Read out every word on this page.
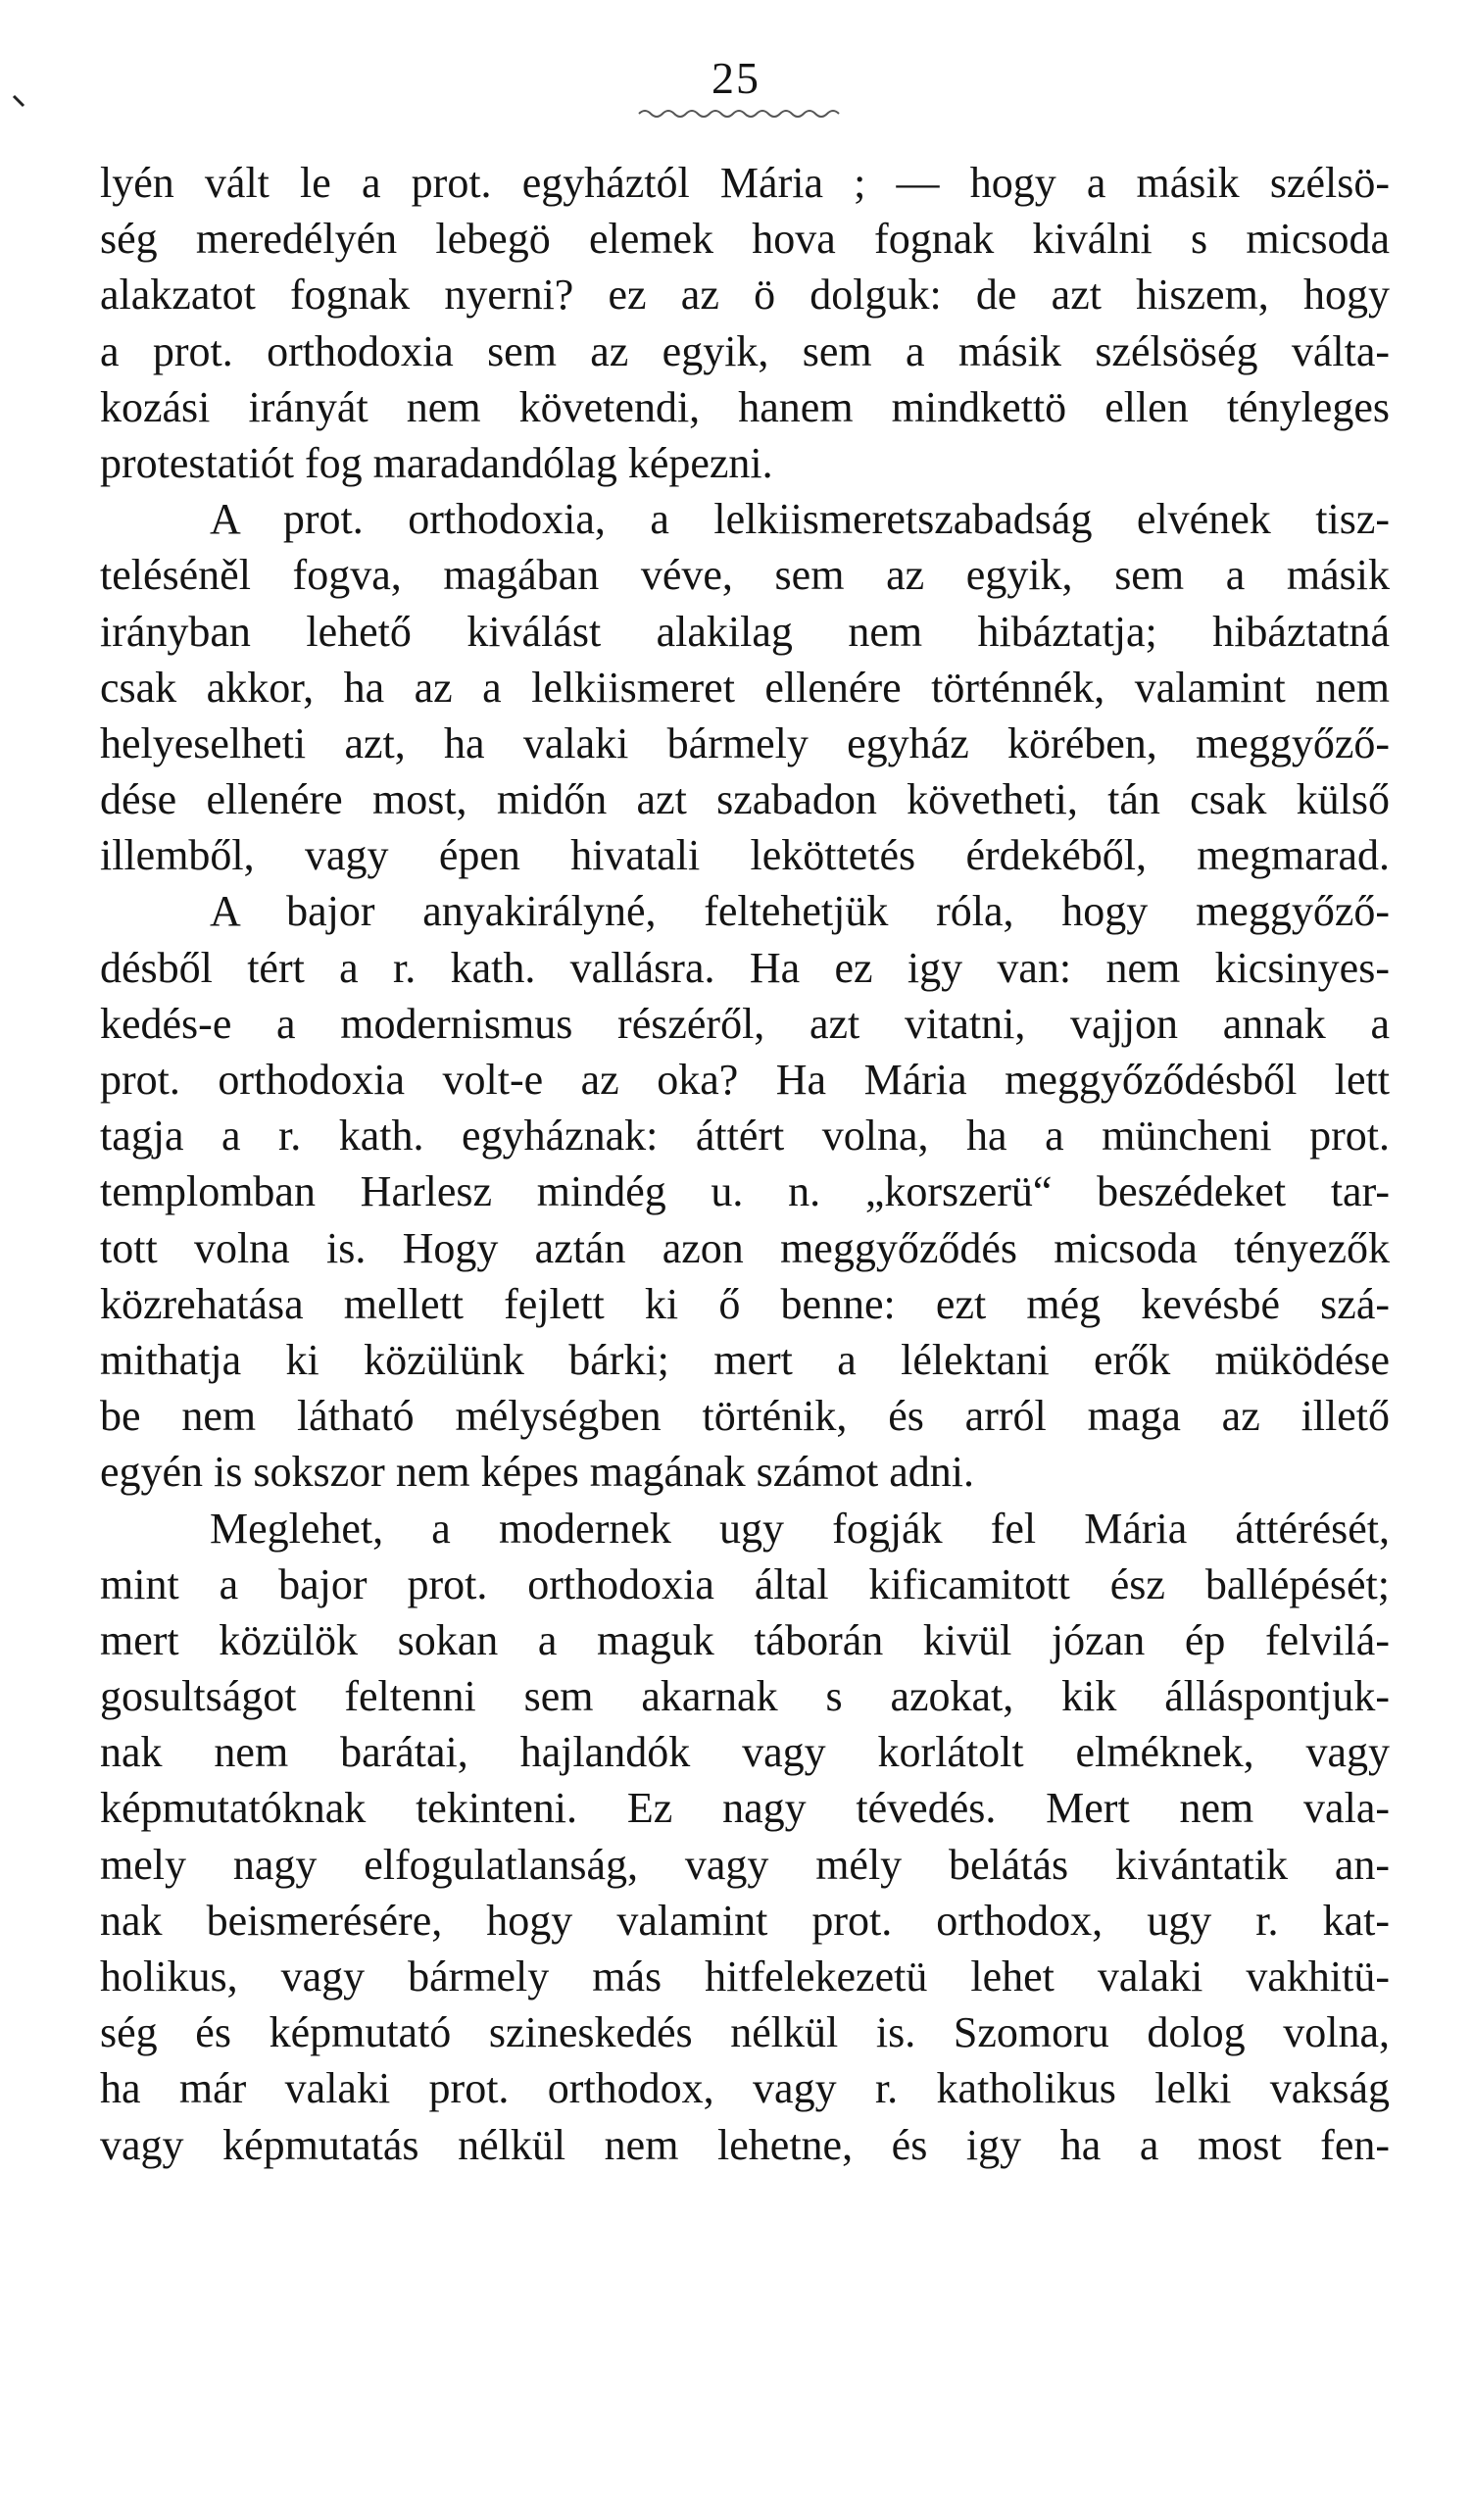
25
lyén vált le a prot. egyháztól Mária ; — hogy a másik szélsö-
ség meredélyén lebegö elemek hova fognak kiválni s micsoda
alakzatot fognak nyerni? ez az ö dolguk: de azt hiszem, hogy
a prot. orthodoxia sem az egyik, sem a másik szélsöség válta-
kozási irányát nem követendi, hanem mindkettö ellen tényleges
protestatiót fog maradandólag képezni.
A prot. orthodoxia, a lelkiismeretszabadság elvének tisz-
teléséněl fogva, magában véve, sem az egyik, sem a másik
irányban lehető kiválást alakilag nem hibáztatja; hibáztatná
csak akkor, ha az a lelkiismeret ellenére történnék, valamint nem
helyeselheti azt, ha valaki bármely egyház körében, meggyőző-
dése ellenére most, midőn azt szabadon követheti, tán csak külső
illemből, vagy épen hivatali leköttetés érdekéből, megmarad.
A bajor anyakirályné, feltehetjük róla, hogy meggyőző-
désből tért a r. kath. vallásra. Ha ez igy van: nem kicsinyes-
kedés-e a modernismus részéről, azt vitatni, vajjon annak a
prot. orthodoxia volt-e az oka? Ha Mária meggyőződésből lett
tagja a r. kath. egyháznak: áttért volna, ha a müncheni prot.
templomban Harlesz mindég u. n. „korszerü“ beszédeket tar-
tott volna is. Hogy aztán azon meggyőződés micsoda tényezők
közrehatása mellett fejlett ki ő benne: ezt még kevésbé szá-
mithatja ki közülünk bárki; mert a lélektani erők müködése
be nem látható mélységben történik, és arról maga az illető
egyén is sokszor nem képes magának számot adni.
Meglehet, a modernek ugy fogják fel Mária áttérését,
mint a bajor prot. orthodoxia által kificamitott ész ballépését;
mert közülök sokan a maguk táborán kivül józan ép felvilá-
gosultságot feltenni sem akarnak s azokat, kik álláspontjuk-
nak nem barátai, hajlandók vagy korlátolt elméknek, vagy
képmutatóknak tekinteni. Ez nagy tévedés. Mert nem vala-
mely nagy elfogulatlanság, vagy mély belátás kivántatik an-
nak beismerésére, hogy valamint prot. orthodox, ugy r. kat-
holikus, vagy bármely más hitfelekezetü lehet valaki vakhitü-
ség és képmutató szineskedés nélkül is. Szomoru dolog volna,
ha már valaki prot. orthodox, vagy r. katholikus lelki vakság
vagy képmutatás nélkül nem lehetne, és igy ha a most fen-
